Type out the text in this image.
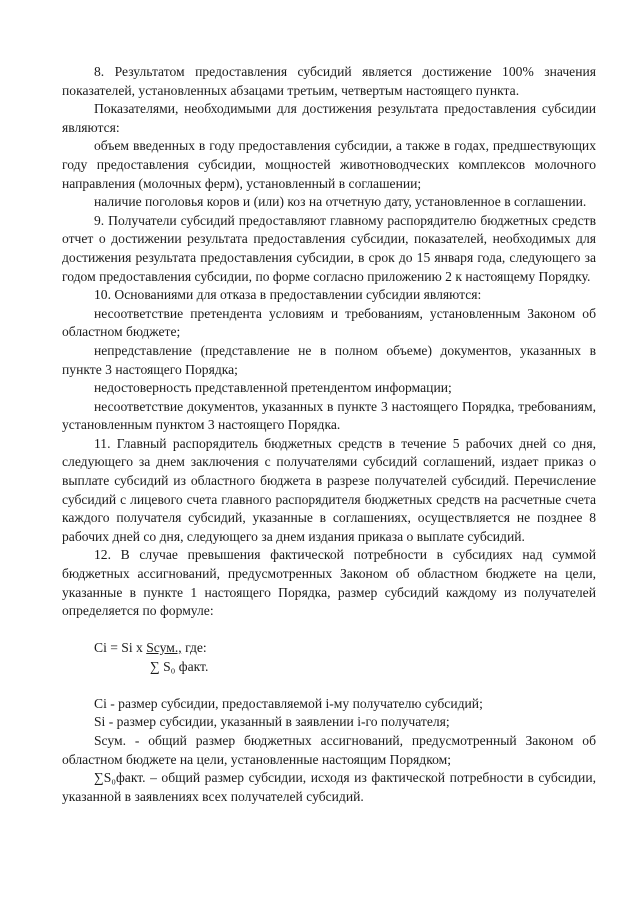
8. Результатом предоставления субсидий является достижение 100% значения показателей, установленных абзацами третьим, четвертым настоящего пункта.

Показателями, необходимыми для достижения результата предоставления субсидии являются:

объем введенных в году предоставления субсидии, а также в годах, предшествующих году предоставления субсидии, мощностей животноводческих комплексов молочного направления (молочных ферм), установленный в соглашении;

наличие поголовья коров и (или) коз на отчетную дату, установленное в соглашении.

9. Получатели субсидий предоставляют главному распорядителю бюджетных средств отчет о достижении результата предоставления субсидии, показателей, необходимых для достижения результата предоставления субсидии, в срок до 15 января года, следующего за годом предоставления субсидии, по форме согласно приложению 2 к настоящему Порядку.

10. Основаниями для отказа в предоставлении субсидии являются:

несоответствие претендента условиям и требованиям, установленным Законом об областном бюджете;

непредставление (представление не в полном объеме) документов, указанных в пункте 3 настоящего Порядка;

недостоверность представленной претендентом информации;

несоответствие документов, указанных в пункте 3 настоящего Порядка, требованиям, установленным пунктом 3 настоящего Порядка.

11. Главный распорядитель бюджетных средств в течение 5 рабочих дней со дня, следующего за днем заключения с получателями субсидий соглашений, издает приказ о выплате субсидий из областного бюджета в разрезе получателей субсидий. Перечисление субсидий с лицевого счета главного распорядителя бюджетных средств на расчетные счета каждого получателя субсидий, указанные в соглашениях, осуществляется не позднее 8 рабочих дней со дня, следующего за днем издания приказа о выплате субсидий.

12. В случае превышения фактической потребности в субсидиях над суммой бюджетных ассигнований, предусмотренных Законом об областном бюджете на цели, указанные в пункте 1 настоящего Порядка, размер субсидий каждому из получателей определяется по формуле:

Ci = Si x Sсум., где:
∑ S₀ факт.

Ci - размер субсидии, предоставляемой i-му получателю субсидий;

Si - размер субсидии, указанный в заявлении i-го получателя;

Sсум. - общий размер бюджетных ассигнований, предусмотренный Законом об областном бюджете на цели, установленные настоящим Порядком;

∑S₀факт. – общий размер субсидии, исходя из фактической потребности в субсидии, указанной в заявлениях всех получателей субсидий.
